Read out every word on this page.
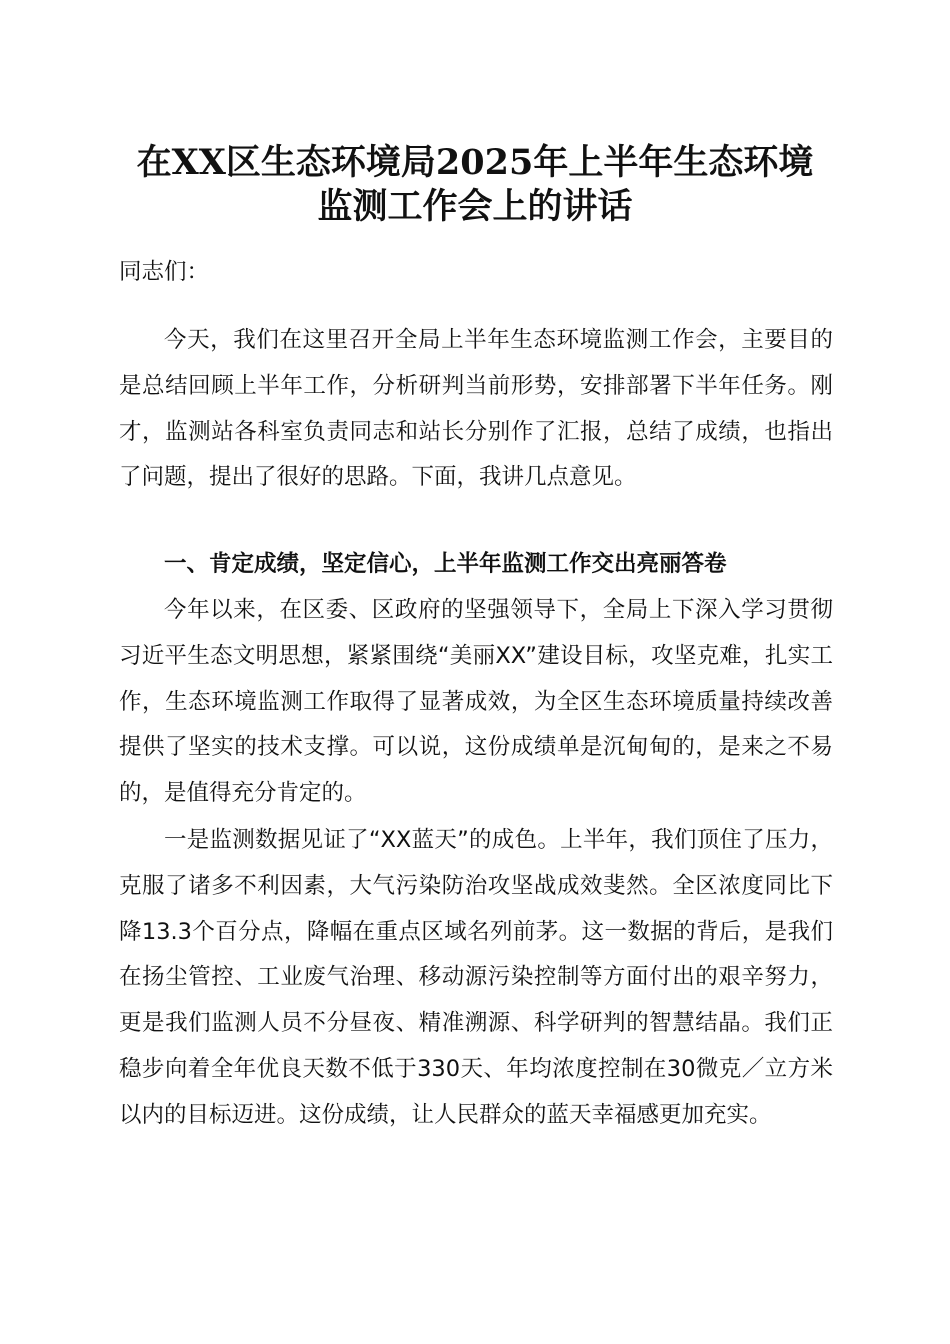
在XX区生态环境局2025年上半年生态环境
监测工作会上的讲话

同志们：

今天，我们在这里召开全局上半年生态环境监测工作会，主要目的是总结回顾上半年工作，分析研判当前形势，安排部署下半年任务。刚才，监测站各科室负责同志和站长分别作了汇报，总结了成绩，也指出了问题，提出了很好的思路。下面，我讲几点意见。

一、肯定成绩，坚定信心，上半年监测工作交出亮丽答卷

今年以来，在区委、区政府的坚强领导下，全局上下深入学习贯彻习近平生态文明思想，紧紧围绕“美丽XX”建设目标，攻坚克难，扎实工作，生态环境监测工作取得了显著成效，为全区生态环境质量持续改善提供了坚实的技术支撑。可以说，这份成绩单是沉甸甸的，是来之不易的，是值得充分肯定的。

一是监测数据见证了“XX蓝天”的成色。上半年，我们顶住了压力，克服了诸多不利因素，大气污染防治攻坚战成效斐然。全区浓度同比下降13.3个百分点，降幅在重点区域名列前茅。这一数据的背后，是我们在扬尘管控、工业废气治理、移动源污染控制等方面付出的艰辛努力，更是我们监测人员不分昼夜、精准溯源、科学研判的智慧结晶。我们正稳步向着全年优良天数不低于330天、年均浓度控制在30微克／立方米以内的目标迈进。这份成绩，让人民群众的蓝天幸福感更加充实。
